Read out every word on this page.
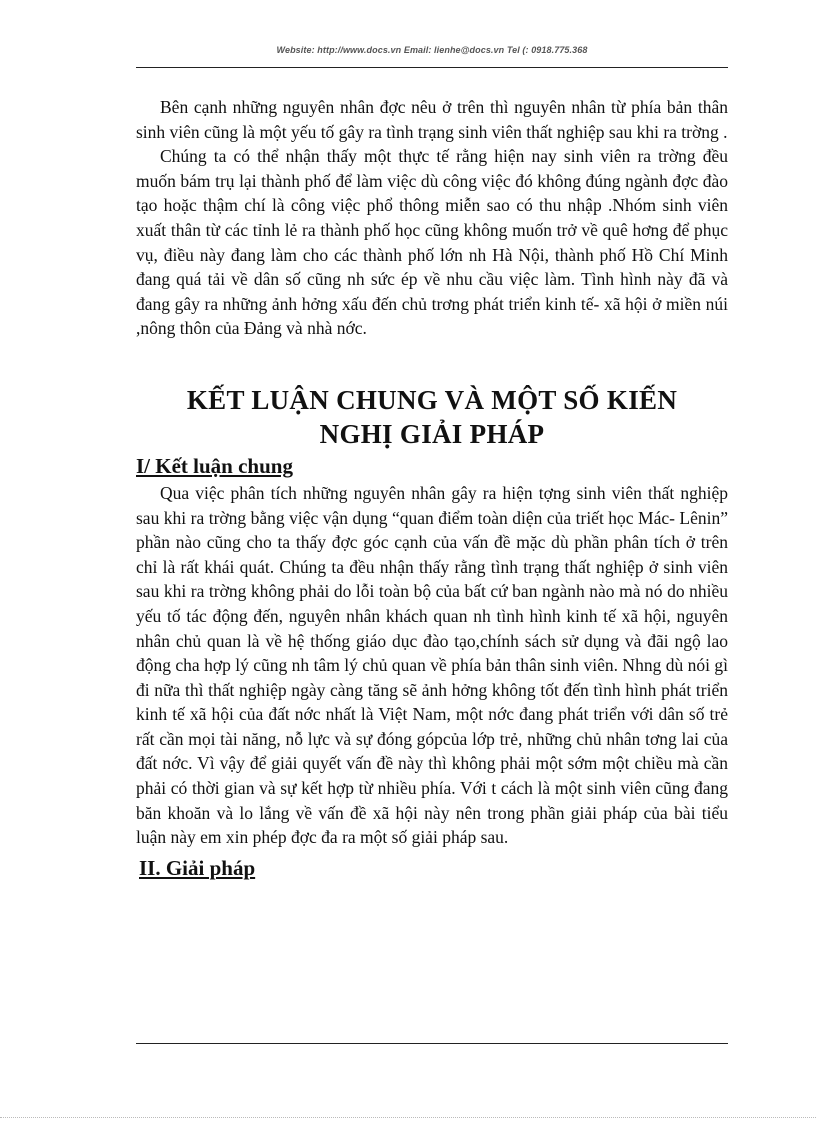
Website: http://www.docs.vn Email: lienhe@docs.vn Tel (: 0918.775.368

Bên cạnh những nguyên nhân đợc nêu ở trên thì nguyên nhân từ phía bản thân sinh viên cũng là một yếu tố gây ra tình trạng sinh viên thất nghiệp sau khi ra trờng .

Chúng ta có thể nhận thấy một thực tế rằng hiện nay sinh viên ra trờng đều muốn bám trụ lại thành phố để làm việc dù công việc đó không đúng ngành đợc đào tạo hoặc thậm chí là công việc phổ thông miễn sao có thu nhập .Nhóm sinh viên xuất thân từ các tỉnh lẻ ra thành phố học cũng không muốn trở về quê hơng để phục vụ, điều này đang làm cho các thành phố lớn nh Hà Nội, thành phố Hồ Chí Minh đang quá tải về dân số cũng nh sức ép về nhu cầu việc làm. Tình hình này đã và đang gây ra những ảnh hởng xấu đến chủ trơng phát triển kinh tế- xã hội ở miền núi ,nông thôn của Đảng và nhà nớc.

KẾT LUẬN CHUNG VÀ MỘT SỐ KIẾN
NGHỊ GIẢI PHÁP
I/ Kết luận chung

Qua việc phân tích những nguyên nhân gây ra hiện tợng sinh viên thất nghiệp sau khi ra trờng bằng việc vận dụng “quan điểm toàn diện của triết học Mác- Lênin” phần nào cũng cho ta thấy đợc góc cạnh của vấn đề mặc dù phần phân tích ở trên chỉ là rất khái quát. Chúng ta đều nhận thấy rằng tình trạng thất nghiệp ở sinh viên sau khi ra trờng không phải do lỗi toàn bộ của bất cứ ban ngành nào mà nó do nhiều yếu tố tác động đến, nguyên nhân khách quan nh tình hình kinh tế xã hội, nguyên nhân chủ quan là về hệ thống giáo dục đào tạo,chính sách sử dụng và đãi ngộ lao động cha hợp lý cũng nh tâm lý chủ quan về phía bản thân sinh viên. Nhng dù nói gì đi nữa thì thất nghiệp ngày càng tăng sẽ ảnh hởng không tốt đến tình hình phát triển kinh tế xã hội của đất nớc nhất là Việt Nam, một nớc đang phát triển với dân số trẻ rất cần mọi tài năng, nỗ lực và sự đóng gópcủa lớp trẻ, những chủ nhân tơng lai của đất nớc. Vì vậy để giải quyết vấn đề này thì không phải một sớm một chiều mà cần phải có thời gian và sự kết hợp từ nhiều phía. Với t cách là một sinh viên cũng đang băn khoăn và lo lắng về vấn đề xã hội này nên trong phần giải pháp của bài tiểu luận này em xin phép đợc đa ra một số giải pháp sau.

II. Giải pháp
